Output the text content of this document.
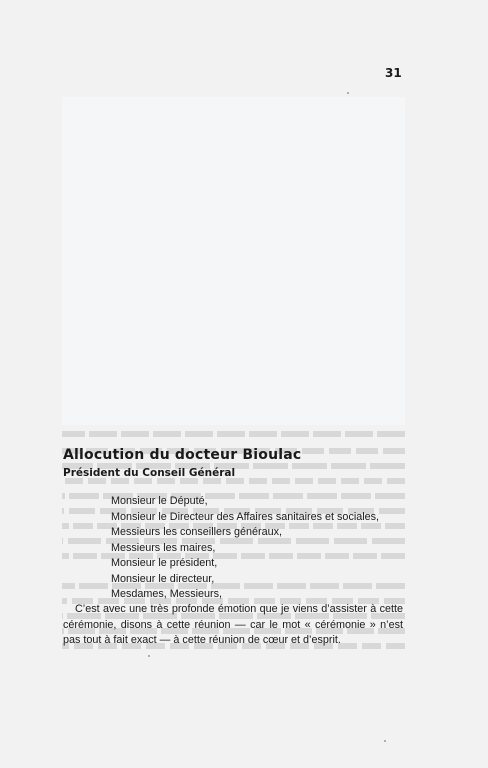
31
Allocution du docteur Bioulac
Président du Conseil Général
Monsieur le Député,
Monsieur le Directeur des Affaires sanitaires et sociales,
Messieurs les conseillers généraux,
Messieurs les maires,
Monsieur le président,
Monsieur le directeur,
Mesdames, Messieurs,

C’est avec une très profonde émotion que je viens d’assister à cette cérémonie, disons à cette réunion — car le mot « cérémonie » n’est pas tout à fait exact — à cette réunion de cœur et d’esprit.
